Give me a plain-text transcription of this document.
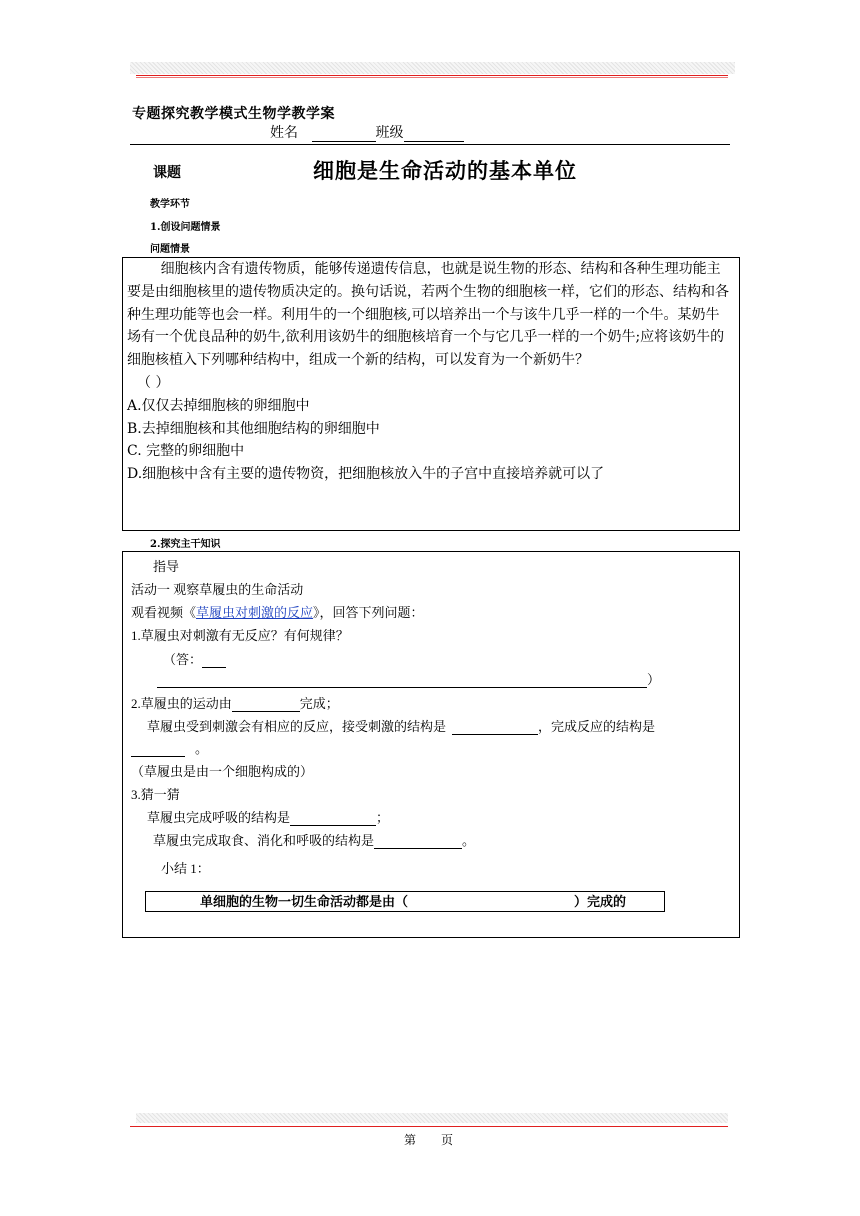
专题探究教学模式生物学教学案
姓名	班级
课题	细胞是生命活动的基本单位
教学环节
1.创设问题情景
问题情景

细胞核内含有遗传物质，能够传递遗传信息，也就是说生物的形态、结构和各种生理功能主要是由细胞核里的遗传物质决定的。换句话说，若两个生物的细胞核一样，它们的形态、结构和各种生理功能等也会一样。利用牛的一个细胞核,可以培养出一个与该牛几乎一样的一个牛。某奶牛场有一个优良品种的奶牛,欲利用该奶牛的细胞核培育一个与它几乎一样的一个奶牛;应将该奶牛的细胞核植入下列哪种结构中，组成一个新的结构，可以发育为一个新奶牛？

（ ）

A.仅仅去掉细胞核的卵细胞中

B.去掉细胞核和其他细胞结构的卵细胞中

C. 完整的卵细胞中

D.细胞核中含有主要的遗传物资，把细胞核放入牛的子宫中直接培养就可以了

2.探究主干知识
指导
活动一 观察草履虫的生命活动
观看视频《草履虫对刺激的反应》，回答下列问题：
1.草履虫对刺激有无反应？有何规律？
（答：
）
2.草履虫的运动由	完成；
草履虫受到刺激会有相应的反应，接受刺激的结构是	，完成反应的结构是
。
（草履虫是由一个细胞构成的）
3.猜一猜
草履虫完成呼吸的结构是	；
草履虫完成取食、消化和呼吸的结构是	。
小结 1：
单细胞的生物一切生命活动都是由（	）完成的
第 页
